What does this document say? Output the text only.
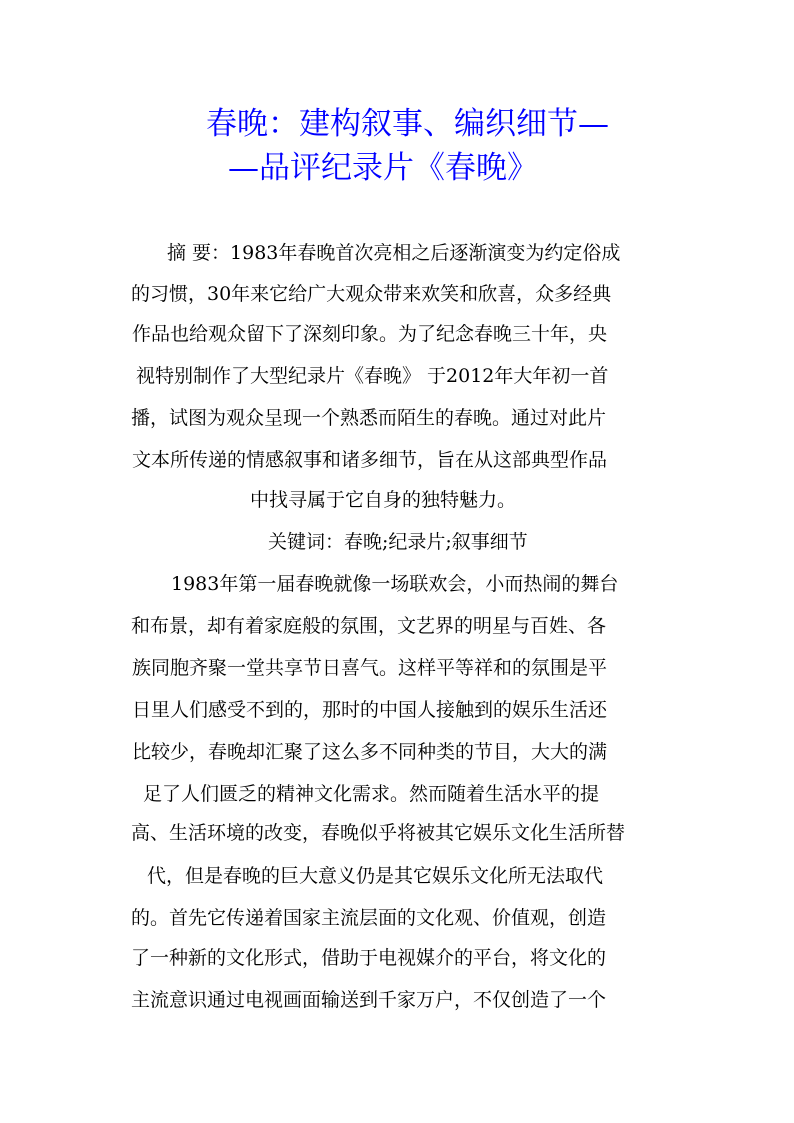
春晚：建构叙事、编织细节—
—品评纪录片《春晚》
摘 要：1983年春晚首次亮相之后逐渐演变为约定俗成
的习惯，30年来它给广大观众带来欢笑和欣喜，众多经典
作品也给观众留下了深刻印象。为了纪念春晚三十年，央
视特别制作了大型纪录片《春晚》 于2012年大年初一首
播，试图为观众呈现一个熟悉而陌生的春晚。通过对此片
文本所传递的情感叙事和诸多细节，旨在从这部典型作品
中找寻属于它自身的独特魅力。
关键词：春晚;纪录片;叙事细节
1983年第一届春晚就像一场联欢会，小而热闹的舞台
和布景，却有着家庭般的氛围，文艺界的明星与百姓、各
族同胞齐聚一堂共享节日喜气。这样平等祥和的氛围是平
日里人们感受不到的，那时的中国人接触到的娱乐生活还
比较少，春晚却汇聚了这么多不同种类的节目，大大的满
足了人们匮乏的精神文化需求。然而随着生活水平的提
高、生活环境的改变，春晚似乎将被其它娱乐文化生活所替
代，但是春晚的巨大意义仍是其它娱乐文化所无法取代
的。首先它传递着国家主流层面的文化观、价值观，创造
了一种新的文化形式，借助于电视媒介的平台，将文化的
主流意识通过电视画面输送到千家万户，不仅创造了一个
